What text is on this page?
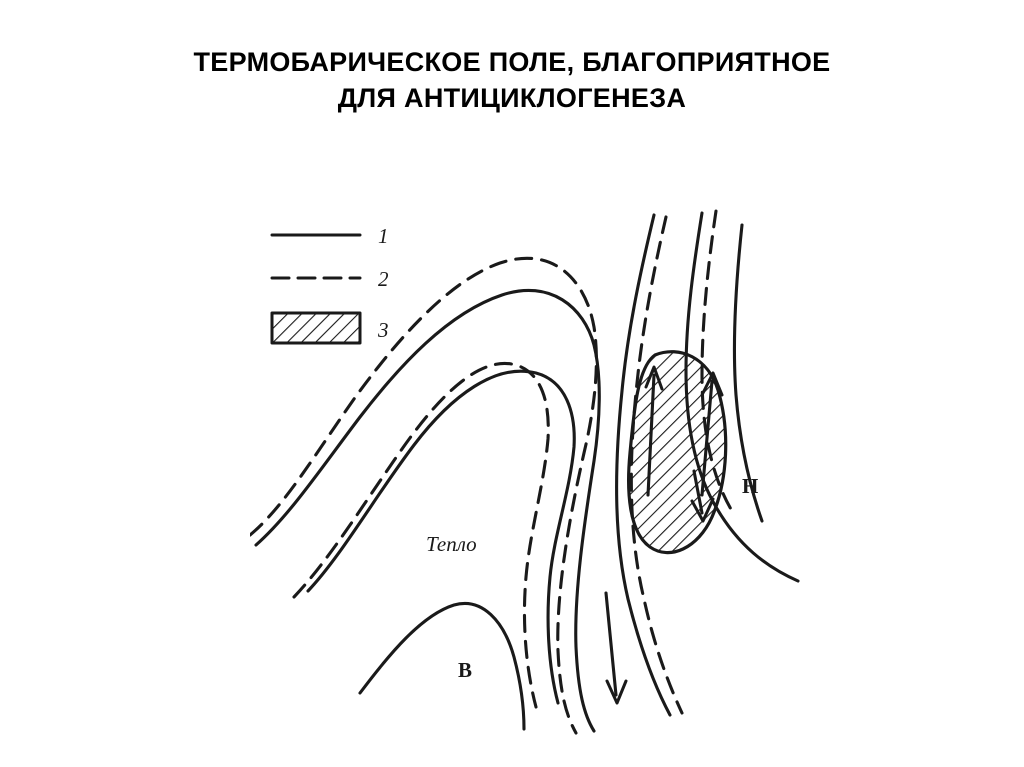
ТЕРМОБАРИЧЕСКОЕ ПОЛЕ, БЛАГОПРИЯТНОЕ
ДЛЯ АНТИЦИКЛОГЕНЕЗА
1
2
3
Тепло
В
Н
